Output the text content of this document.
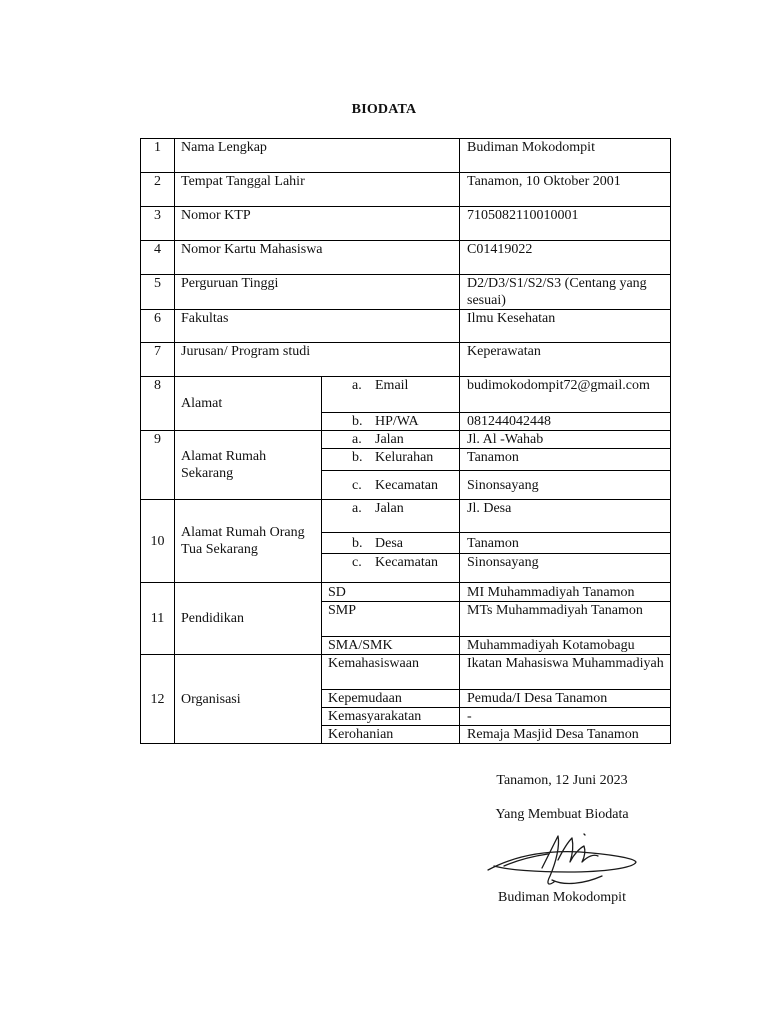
BIODATA
1	Nama Lengkap		Budiman Mokodompit
2	Tempat Tanggal Lahir		Tanamon, 10 Oktober 2001
3	Nomor KTP		7105082110010001
4	Nomor Kartu Mahasiswa		C01419022
5	Perguruan Tinggi		D2/D3/S1/S2/S3 (Centang yang sesuai)
6	Fakultas		Ilmu Kesehatan
7	Jurusan/ Program studi		Keperawatan
8	Alamat	a. Email	budimokodompit72@gmail.com

		b. HP/WA	081244042448
9	Alamat Rumah Sekarang	a. Jalan	Jl. Al -Wahab

		b. Kelurahan	Tanamon

		c. Kecamatan	Sinonsayang
10	Alamat Rumah Orang Tua Sekarang	a. Jalan	Jl. Desa

		b. Desa	Tanamon

		c. Kecamatan	Sinonsayang
11	Pendidikan	SD	MI Muhammadiyah Tanamon
		SMP	MTs Muhammadiyah Tanamon
		SMA/SMK	Muhammadiyah Kotamobagu
12	Organisasi	Kemahasiswaan	Ikatan Mahasiswa Muhammadiyah
		Kepemudaan	Pemuda/I Desa Tanamon
		Kemasyarakatan	-
		Kerohanian	Remaja Masjid Desa Tanamon
Tanamon, 12 Juni 2023
Yang Membuat Biodata
Budiman Mokodompit
